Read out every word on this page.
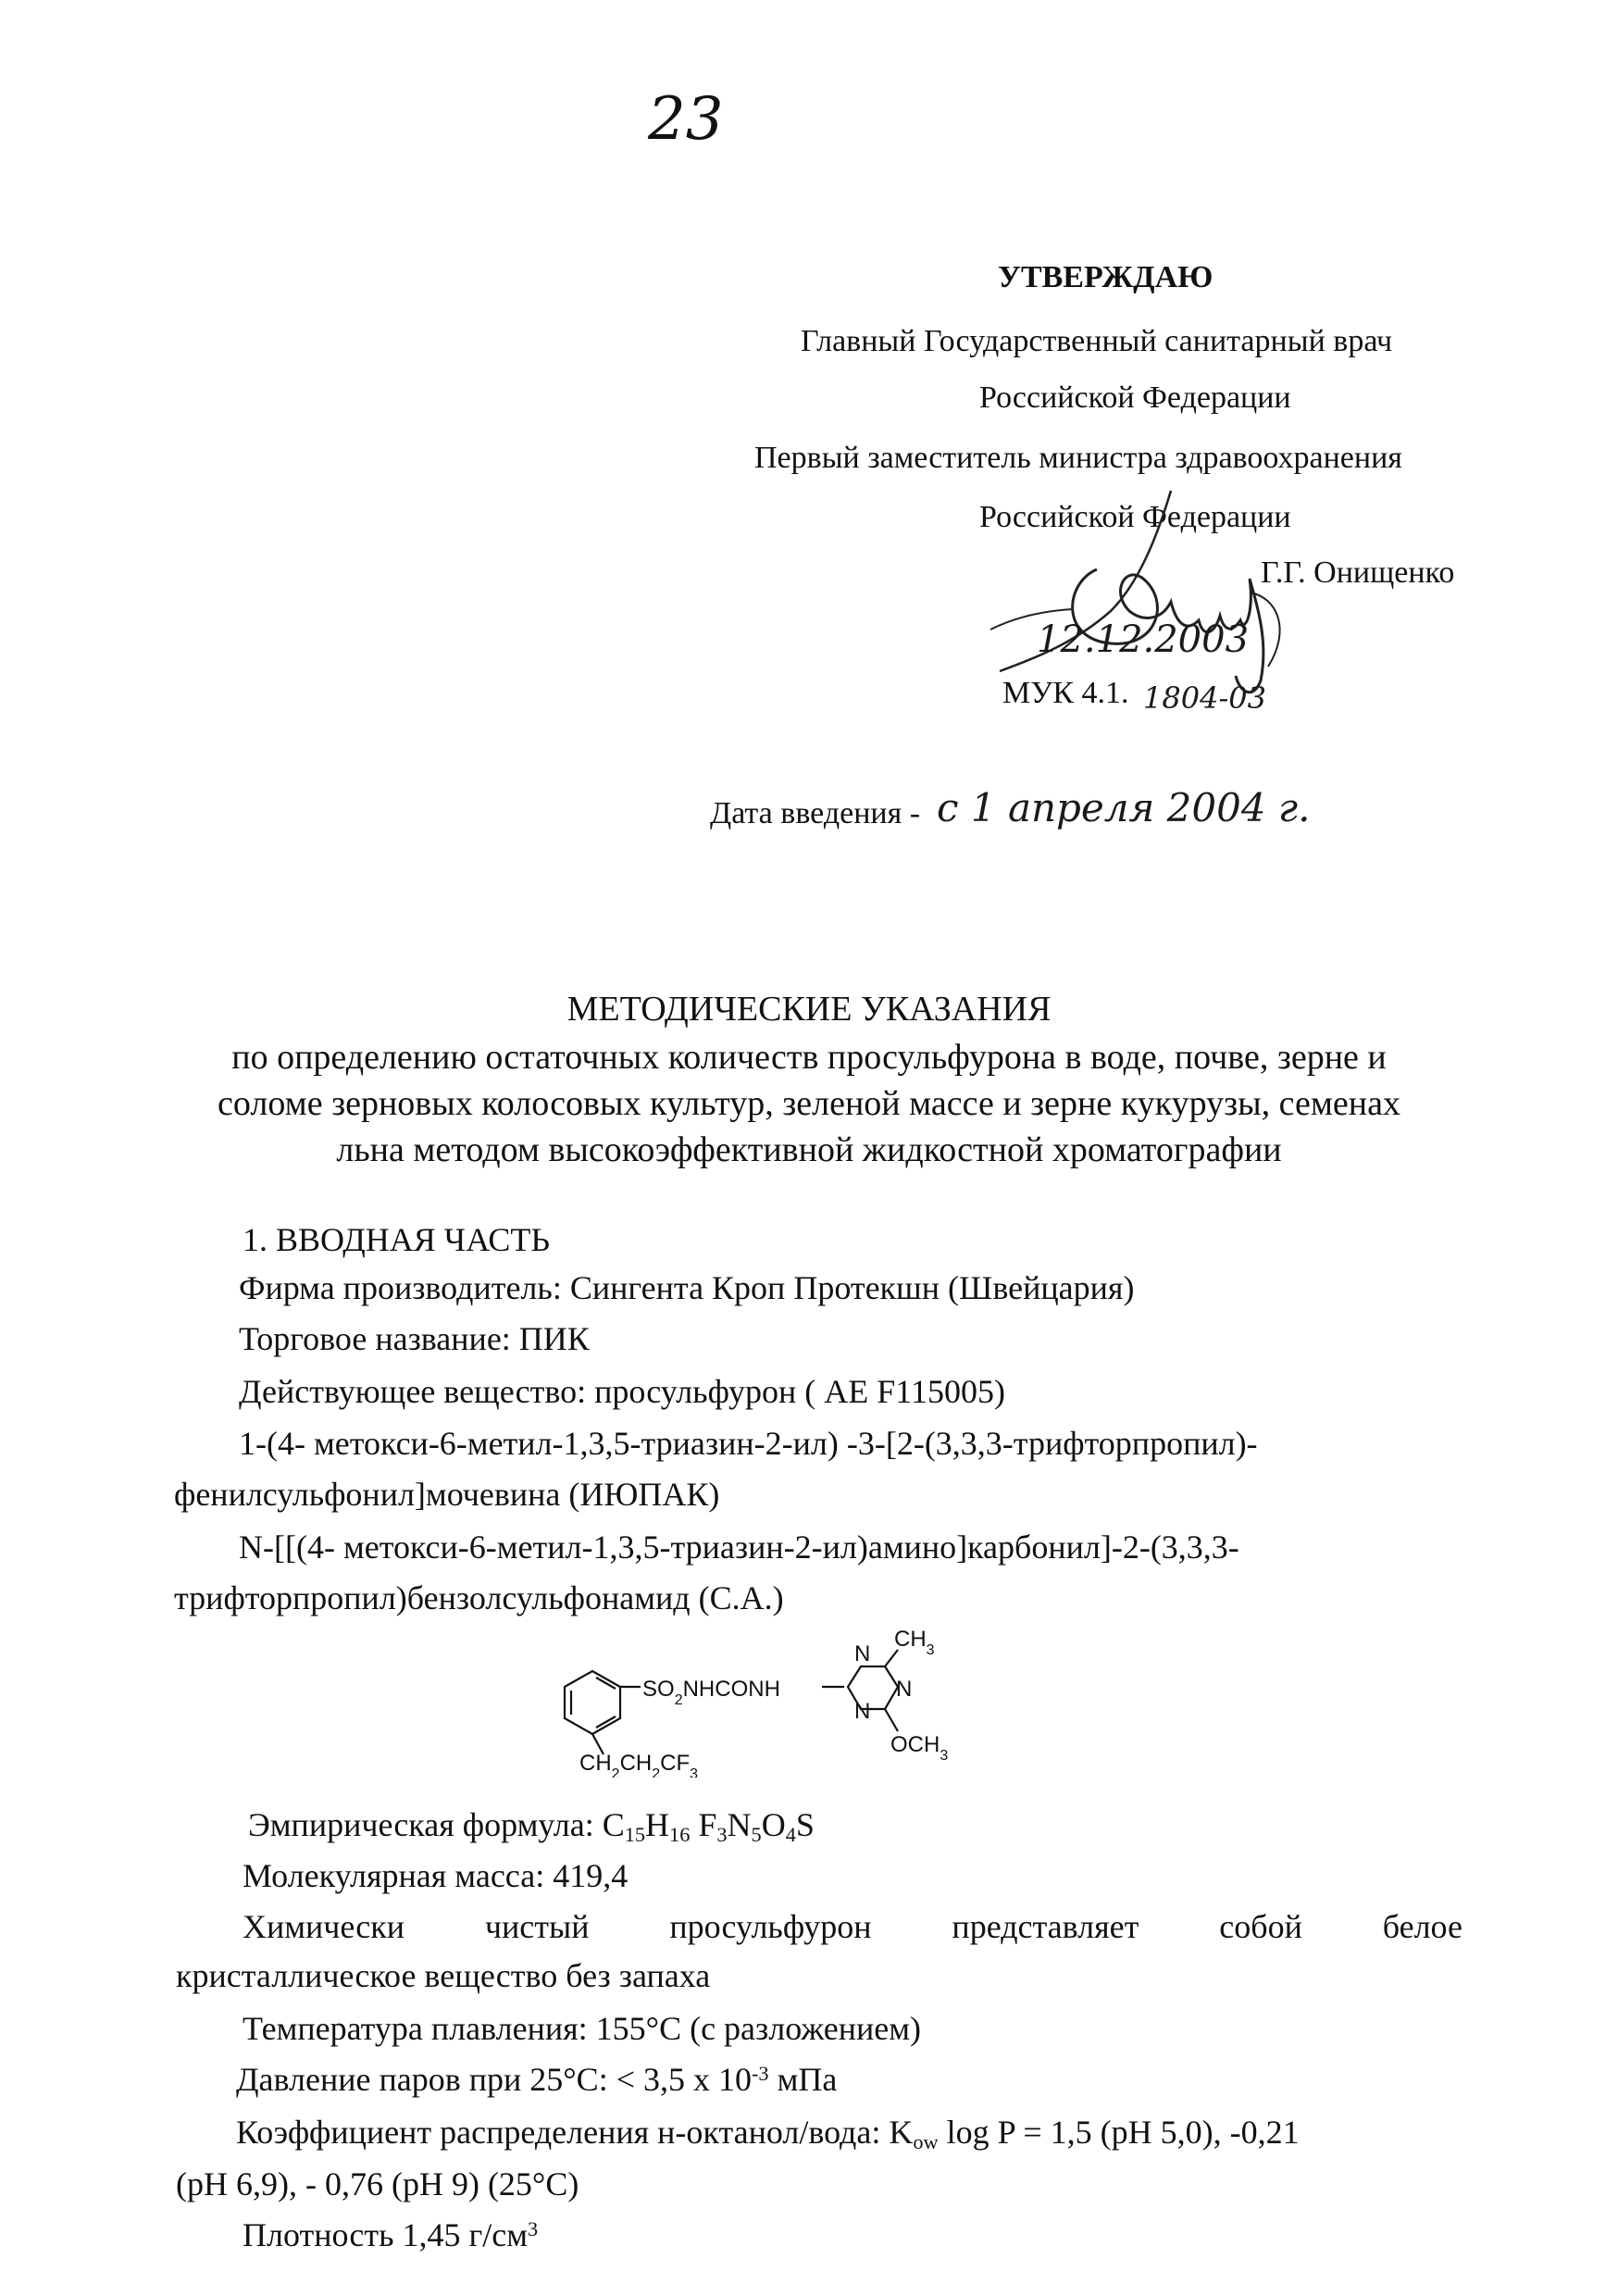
23
УТВЕРЖДАЮ
Главный Государственный санитарный врач
Российской Федерации
Первый заместитель министра здравоохранения
Российской Федерации
Г.Г. Онищенко
12.12.2003
МУК 4.1. 1804-03
Дата введения - с 1 апреля 2004 г.
МЕТОДИЧЕСКИЕ УКАЗАНИЯ
по определению остаточных количеств просульфурона в воде, почве, зерне и
соломе зерновых колосовых культур, зеленой массе и зерне кукурузы, семенах
льна методом высокоэффективной жидкостной хроматографии
1. ВВОДНАЯ ЧАСТЬ
Фирма производитель: Сингента Кроп Протекшн (Швейцария)
Торговое название: ПИК
Действующее вещество: просульфурон ( AE F115005)
1-(4- метокси-6-метил-1,3,5-триазин-2-ил) -3-[2-(3,3,3-трифторпропил)-
фенилсульфонил]мочевина (ИЮПАК)
N-[[(4- метокси-6-метил-1,3,5-триазин-2-ил)амино]карбонил]-2-(3,3,3-
трифторпропил)бензолсульфонамид (С.А.)
$SO_2NHCONH$
$CH_3$
N
N
N
$CH_2CH_2CF_3$
$OCH_3$
Эмпирическая формула: C15H16 F3N5O4S
Молекулярная масса: 419,4
Химически чистый просульфурон представляет собой белое
кристаллическое вещество без запаха
Температура плавления: 155°С (с разложением)
Давление паров при 25°С: < 3,5 х $10^{-3}$ мПа
Коэффициент распределения н-октанол/вода: Kow log P = 1,5 (pH 5,0), -0,21
(pH 6,9), - 0,76 (pH 9) (25°C)
Плотность 1,45 $г/см^3$
